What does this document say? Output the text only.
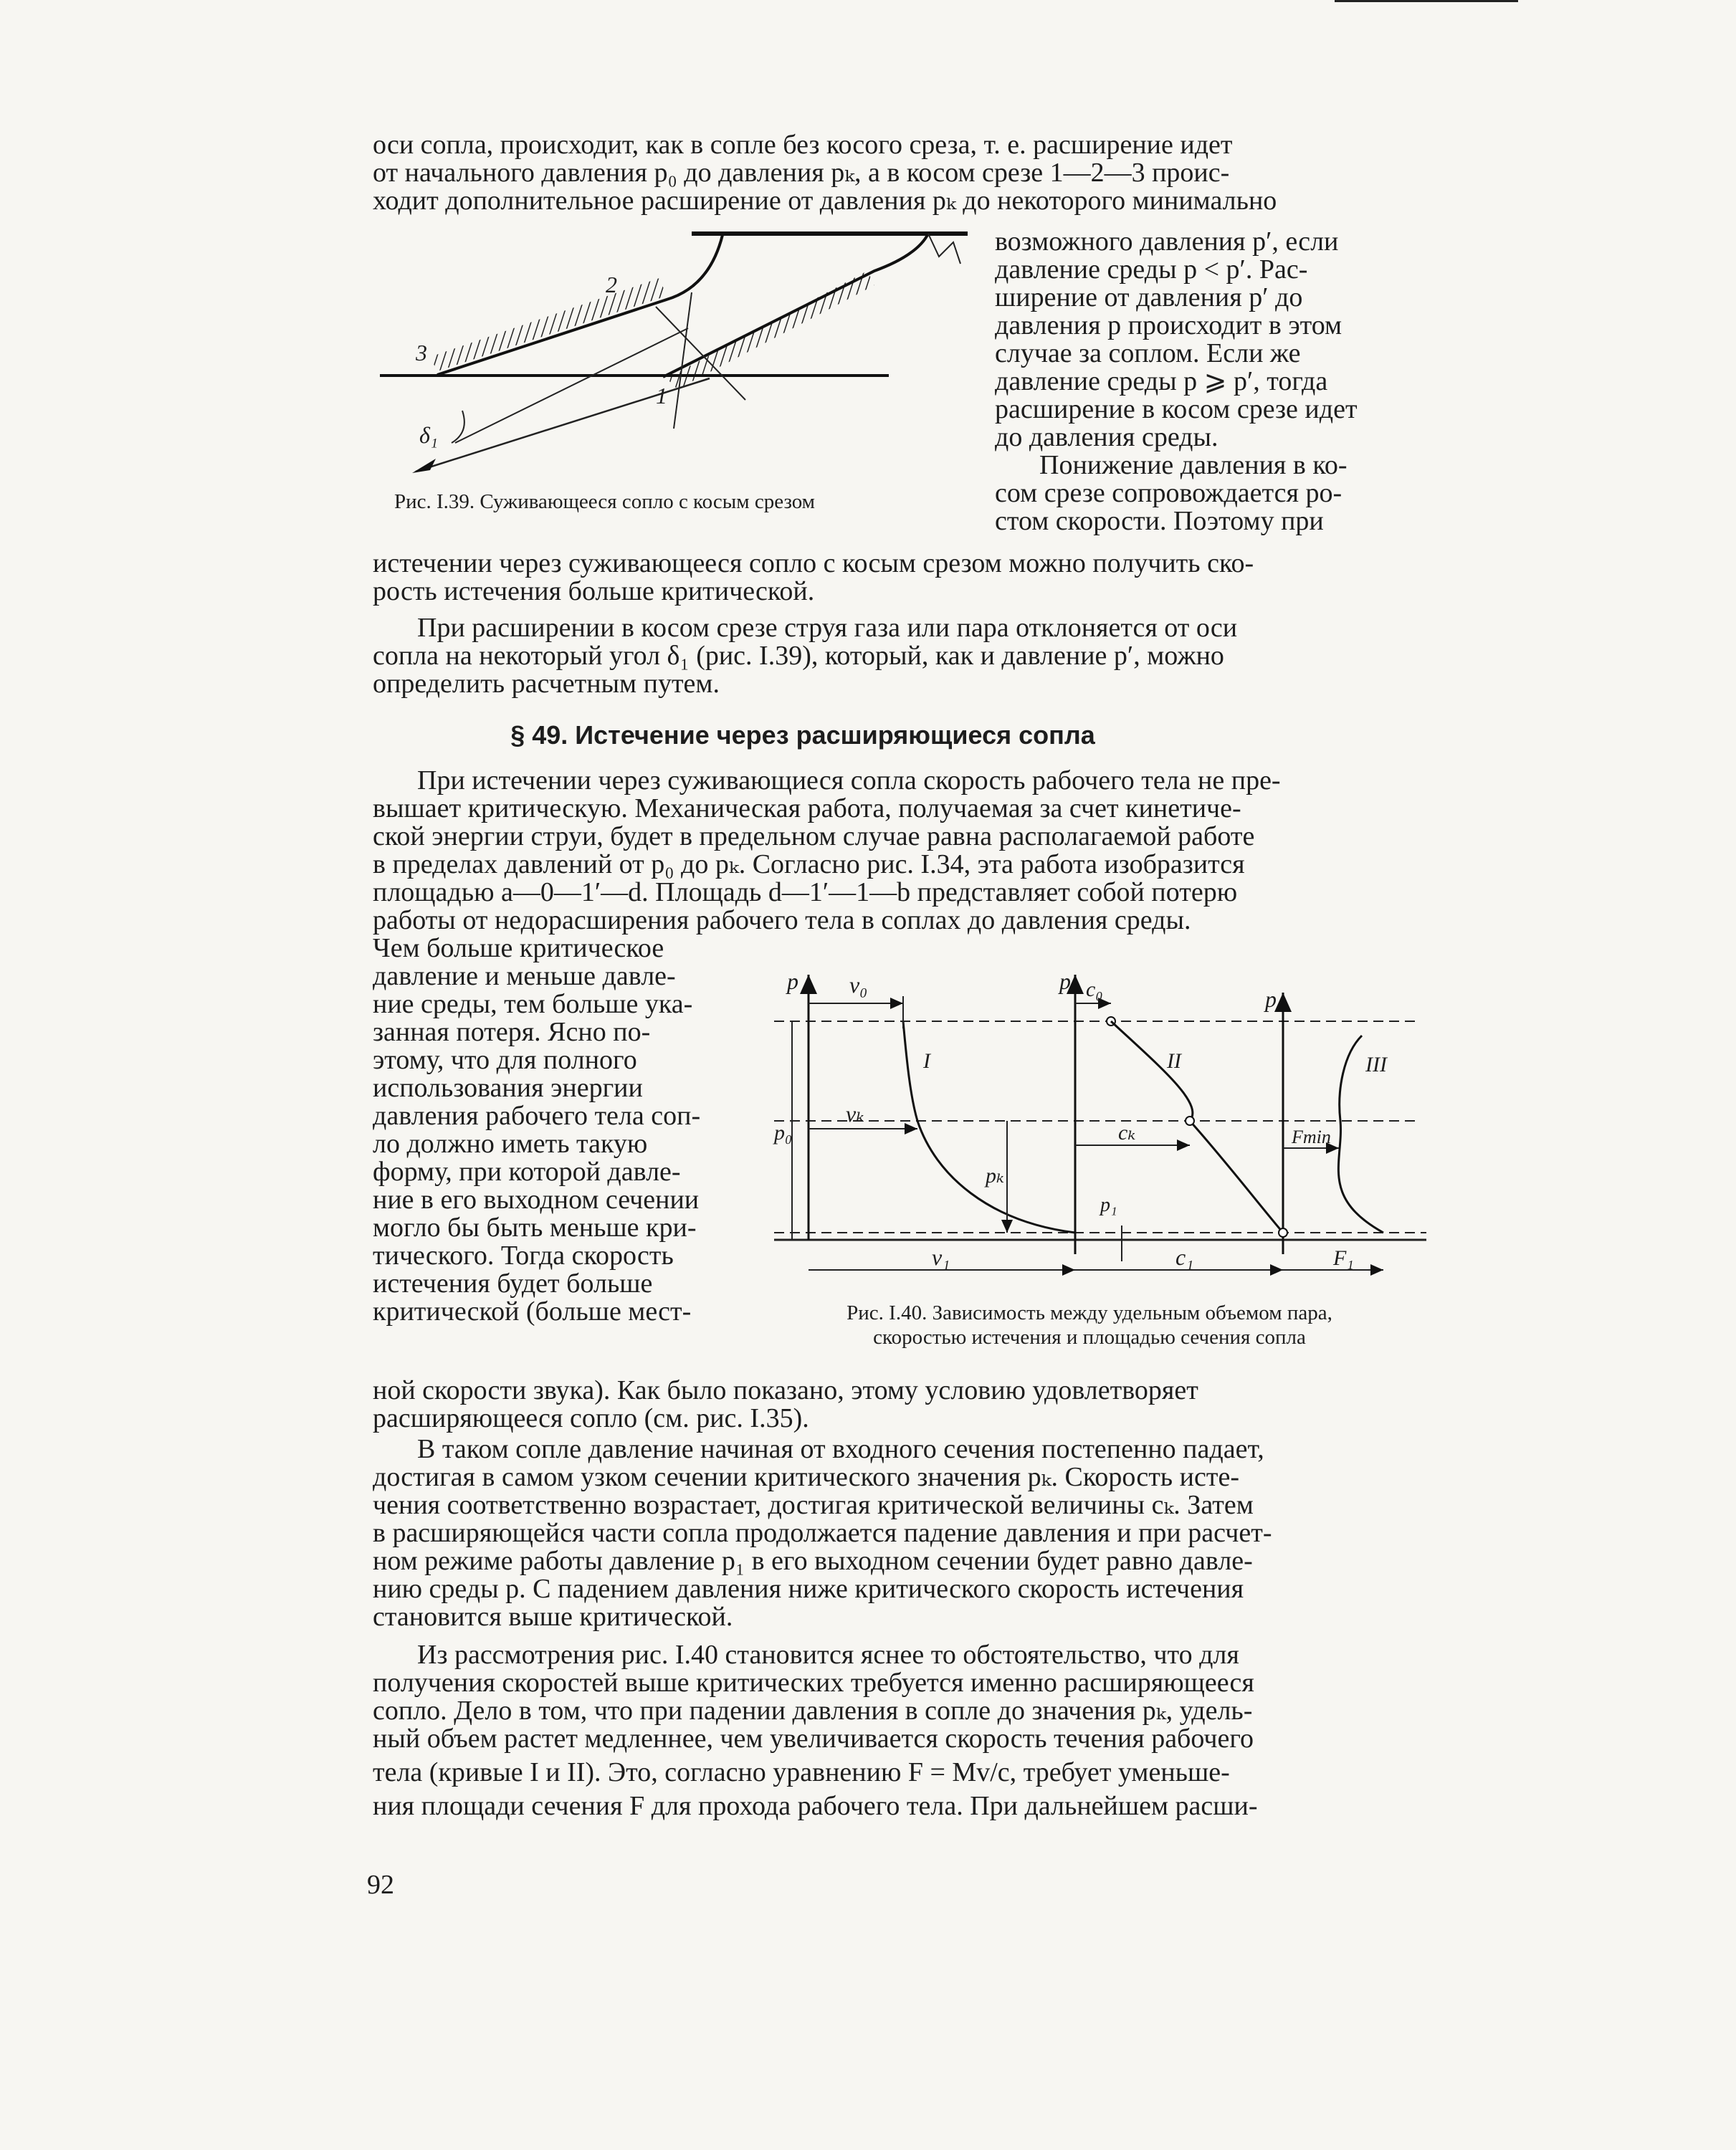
оси сопла, происходит, как в сопле без косого среза, т. е. расширение идет

от начального давления p₀ до давления pₖ, а в косом срезе 1—2—3 проис-

ходит дополнительное расширение от давления pₖ до некоторого минимально

2
3
1
δ₁
Рис. I.39. Суживающееся сопло с косым срезом

возможного давления p′, если

давление среды p < p′. Рас-

ширение от давления p′ до

давления p происходит в этом

случае за соплом. Если же

давление среды p ⩾ p′, тогда

расширение в косом срезе идет

до давления среды.

Понижение давления в ко-

сом срезе сопровождается ро-

стом скорости. Поэтому при

истечении через суживающееся сопло с косым срезом можно получить ско-

рость истечения больше критической.

При расширении в косом срезе струя газа или пара отклоняется от оси

сопла на некоторый угол δ₁ (рис. I.39), который, как и давление p′, можно

определить расчетным путем.

§ 49. Истечение через расширяющиеся сопла

При истечении через суживающиеся сопла скорость рабочего тела не пре-

вышает критическую. Механическая работа, получаемая за счет кинетиче-

ской энергии струи, будет в предельном случае равна располагаемой работе

в пределах давлений от p₀ до pₖ. Согласно рис. I.34, эта работа изобразится

площадью a—0—1′—d. Площадь d—1′—1—b представляет собой потерю

работы от недорасширения рабочего тела в соплах до давления среды.

Чем больше критическое

давление и меньше давле-

ние среды, тем больше ука-

занная потеря. Ясно по-

этому, что для полного

использования энергии

давления рабочего тела соп-

ло должно иметь такую

форму, при которой давле-

ние в его выходном сечении

могло бы быть меньше кри-

тического. Тогда скорость

истечения будет больше

критической (больше мест-

p v₀	p c₀	p
I	II	III
vₖ
cₖ	Fmin
p₀
pₖ
p₁
v₁	c₁	F₁
Рис. I.40. Зависимость между удельным объемом пара,
скоростью истечения и площадью сечения сопла

ной скорости звука). Как было показано, этому условию удовлетворяет

расширяющееся сопло (см. рис. I.35).

В таком сопле давление начиная от входного сечения постепенно падает,

достигая в самом узком сечении критического значения pₖ. Скорость исте-

чения соответственно возрастает, достигая критической величины cₖ. Затем

в расширяющейся части сопла продолжается падение давления и при расчет-

ном режиме работы давление p₁ в его выходном сечении будет равно давле-

нию среды p. С падением давления ниже критического скорость истечения

становится выше критической.

Из рассмотрения рис. I.40 становится яснее то обстоятельство, что для

получения скоростей выше критических требуется именно расширяющееся

сопло. Дело в том, что при падении давления в сопле до значения pₖ, удель-

ный объем растет медленнее, чем увеличивается скорость течения рабочего

тела (кривые I и II). Это, согласно уравнению F = Mv/c, требует уменьше-

ния площади сечения F для прохода рабочего тела. При дальнейшем расши-

92
